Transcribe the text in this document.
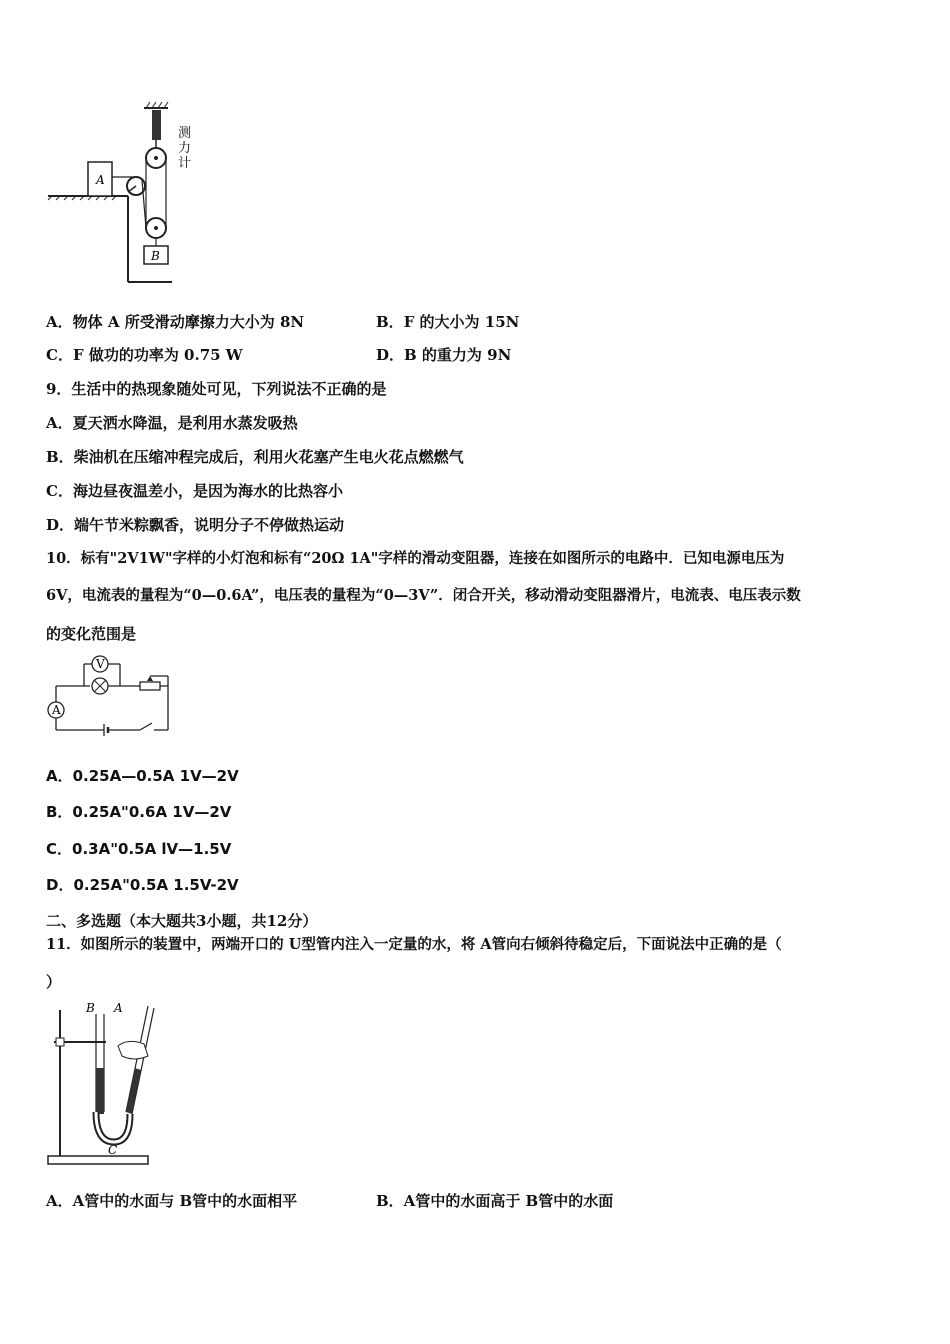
A
B
测力计
A．物体 A 所受滑动摩擦力大小为 8N	B．F 的大小为 15N
C．F 做功的功率为 0.75 W	D．B 的重力为 9N
9．生活中的热现象随处可见，下列说法不正确的是
A．夏天洒水降温，是利用水蒸发吸热
B．柴油机在压缩冲程完成后，利用火花塞产生电火花点燃燃气
C．海边昼夜温差小，是因为海水的比热容小
D．端午节米粽飘香，说明分子不停做热运动
10．标有"2V1W"字样的小灯泡和标有“20Ω 1A"字样的滑动变阻器，连接在如图所示的电路中．已知电源电压为
6V，电流表的量程为“0—0.6A”，电压表的量程为“0—3V”．闭合开关，移动滑动变阻器滑片，电流表、电压表示数
的变化范围是
V
A
A．0.25A—0.5A 1V—2V
B．0.25A"0.6A 1V—2V
C．0.3A"0.5A lV—1.5V
D．0.25A"0.5A 1.5V-2V
二、多选题（本大题共3小题，共12分）
11．如图所示的装置中，两端开口的 U型管内注入一定量的水，将 A管向右倾斜待稳定后，下面说法中正确的是（
）
B A
C
A．A管中的水面与 B管中的水面相平	B．A管中的水面高于 B管中的水面
